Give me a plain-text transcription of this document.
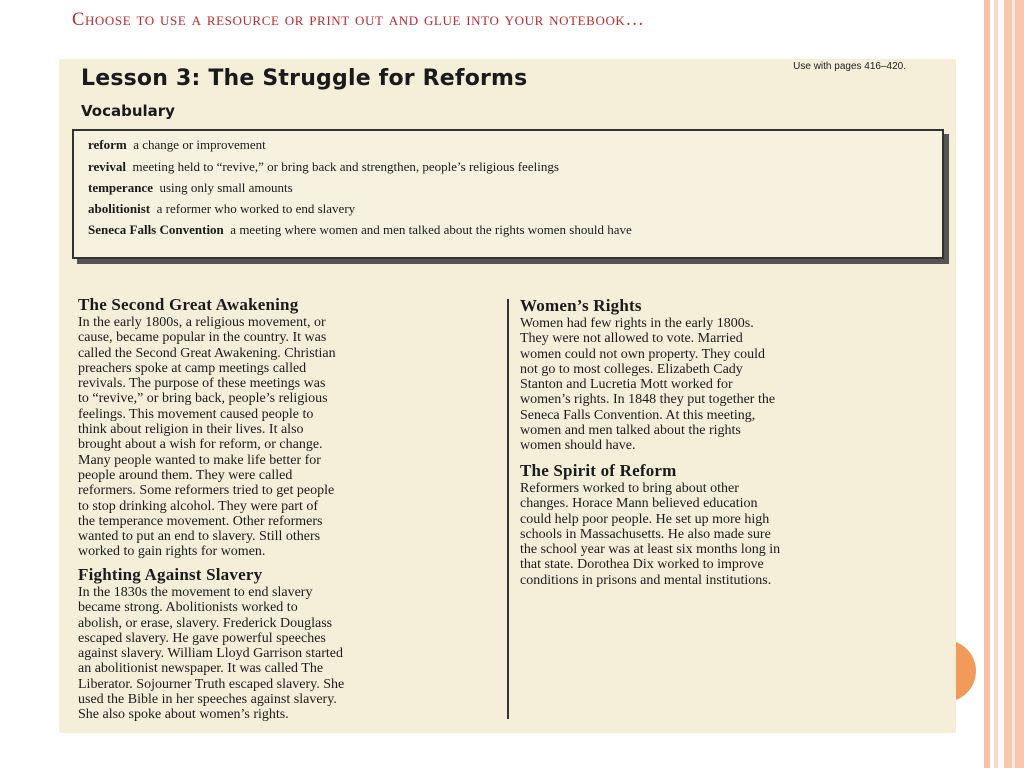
Choose to use a resource or print out and glue into your notebook…
Use with pages 416–420.
Lesson 3: The Struggle for Reforms
Vocabulary
reform a change or improvement
revival meeting held to “revive,” or bring back and strengthen, people’s religious feelings
temperance using only small amounts
abolitionist a reformer who worked to end slavery
Seneca Falls Convention a meeting where women and men talked about the rights women should have
The Second Great Awakening

In the early 1800s, a religious movement, or
cause, became popular in the country. It was
called the Second Great Awakening. Christian
preachers spoke at camp meetings called
revivals. The purpose of these meetings was
to “revive,” or bring back, people’s religious
feelings. This movement caused people to
think about religion in their lives. It also
brought about a wish for reform, or change.
Many people wanted to make life better for
people around them. They were called
reformers. Some reformers tried to get people
to stop drinking alcohol. They were part of
the temperance movement. Other reformers
wanted to put an end to slavery. Still others
worked to gain rights for women.

Fighting Against Slavery

In the 1830s the movement to end slavery
became strong. Abolitionists worked to
abolish, or erase, slavery. Frederick Douglass
escaped slavery. He gave powerful speeches
against slavery. William Lloyd Garrison started
an abolitionist newspaper. It was called The
Liberator. Sojourner Truth escaped slavery. She
used the Bible in her speeches against slavery.
She also spoke about women’s rights.

Women’s Rights

Women had few rights in the early 1800s.
They were not allowed to vote. Married
women could not own property. They could
not go to most colleges. Elizabeth Cady
Stanton and Lucretia Mott worked for
women’s rights. In 1848 they put together the
Seneca Falls Convention. At this meeting,
women and men talked about the rights
women should have.

The Spirit of Reform

Reformers worked to bring about other
changes. Horace Mann believed education
could help poor people. He set up more high
schools in Massachusetts. He also made sure
the school year was at least six months long in
that state. Dorothea Dix worked to improve
conditions in prisons and mental institutions.
